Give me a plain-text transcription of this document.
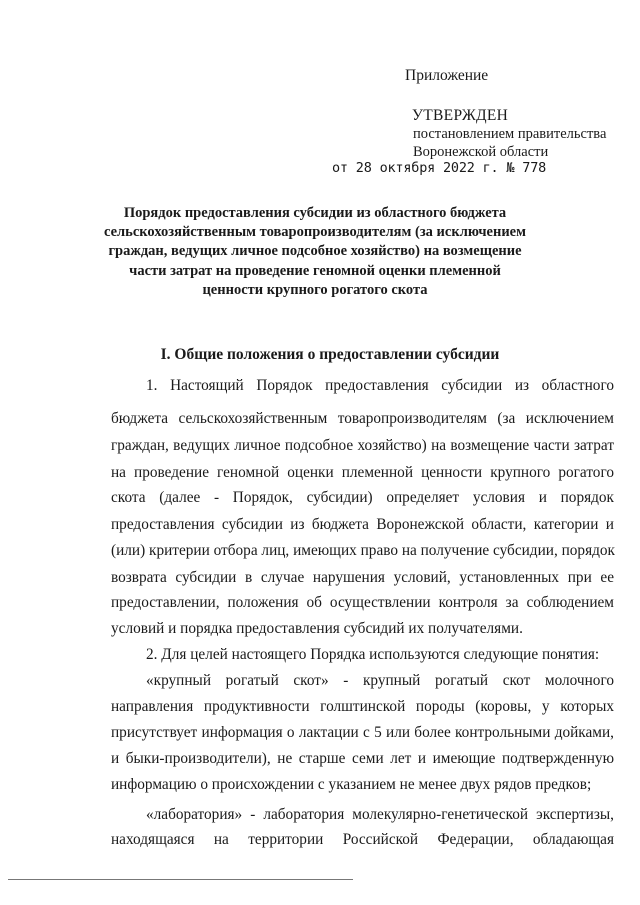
Приложение
УТВЕРЖДЕН
постановлением правительства
Воронежской области
от 28 октября 2022 г. № 778
Порядок предоставления субсидии из областного бюджета сельскохозяйственным товаропроизводителям (за исключением граждан, ведущих личное подсобное хозяйство) на возмещение части затрат на проведение геномной оценки племенной ценности крупного рогатого скота
I. Общие положения о предоставлении субсидии
1. Настоящий Порядок предоставления субсидии из областного
бюджета сельскохозяйственным товаропроизводителям (за исключением
граждан, ведущих личное подсобное хозяйство) на возмещение части затрат
на проведение геномной оценки племенной ценности крупного рогатого
скота (далее - Порядок, субсидии) определяет условия и порядок
предоставления субсидии из бюджета Воронежской области, категории и
(или) критерии отбора лиц, имеющих право на получение субсидии, порядок
возврата субсидии в случае нарушения условий, установленных при ее
предоставлении, положения об осуществлении контроля за соблюдением
условий и порядка предоставления субсидий их получателями.
2. Для целей настоящего Порядка используются следующие понятия:
«крупный рогатый скот» - крупный рогатый скот молочного
направления продуктивности голштинской породы (коровы, у которых
присутствует информация о лактации с 5 или более контрольными дойками,
и быки-производители), не старше семи лет и имеющие подтвержденную
информацию о происхождении с указанием не менее двух рядов предков;
«лаборатория» - лаборатория молекулярно-генетической экспертизы,
находящаяся на территории Российской Федерации, обладающая
